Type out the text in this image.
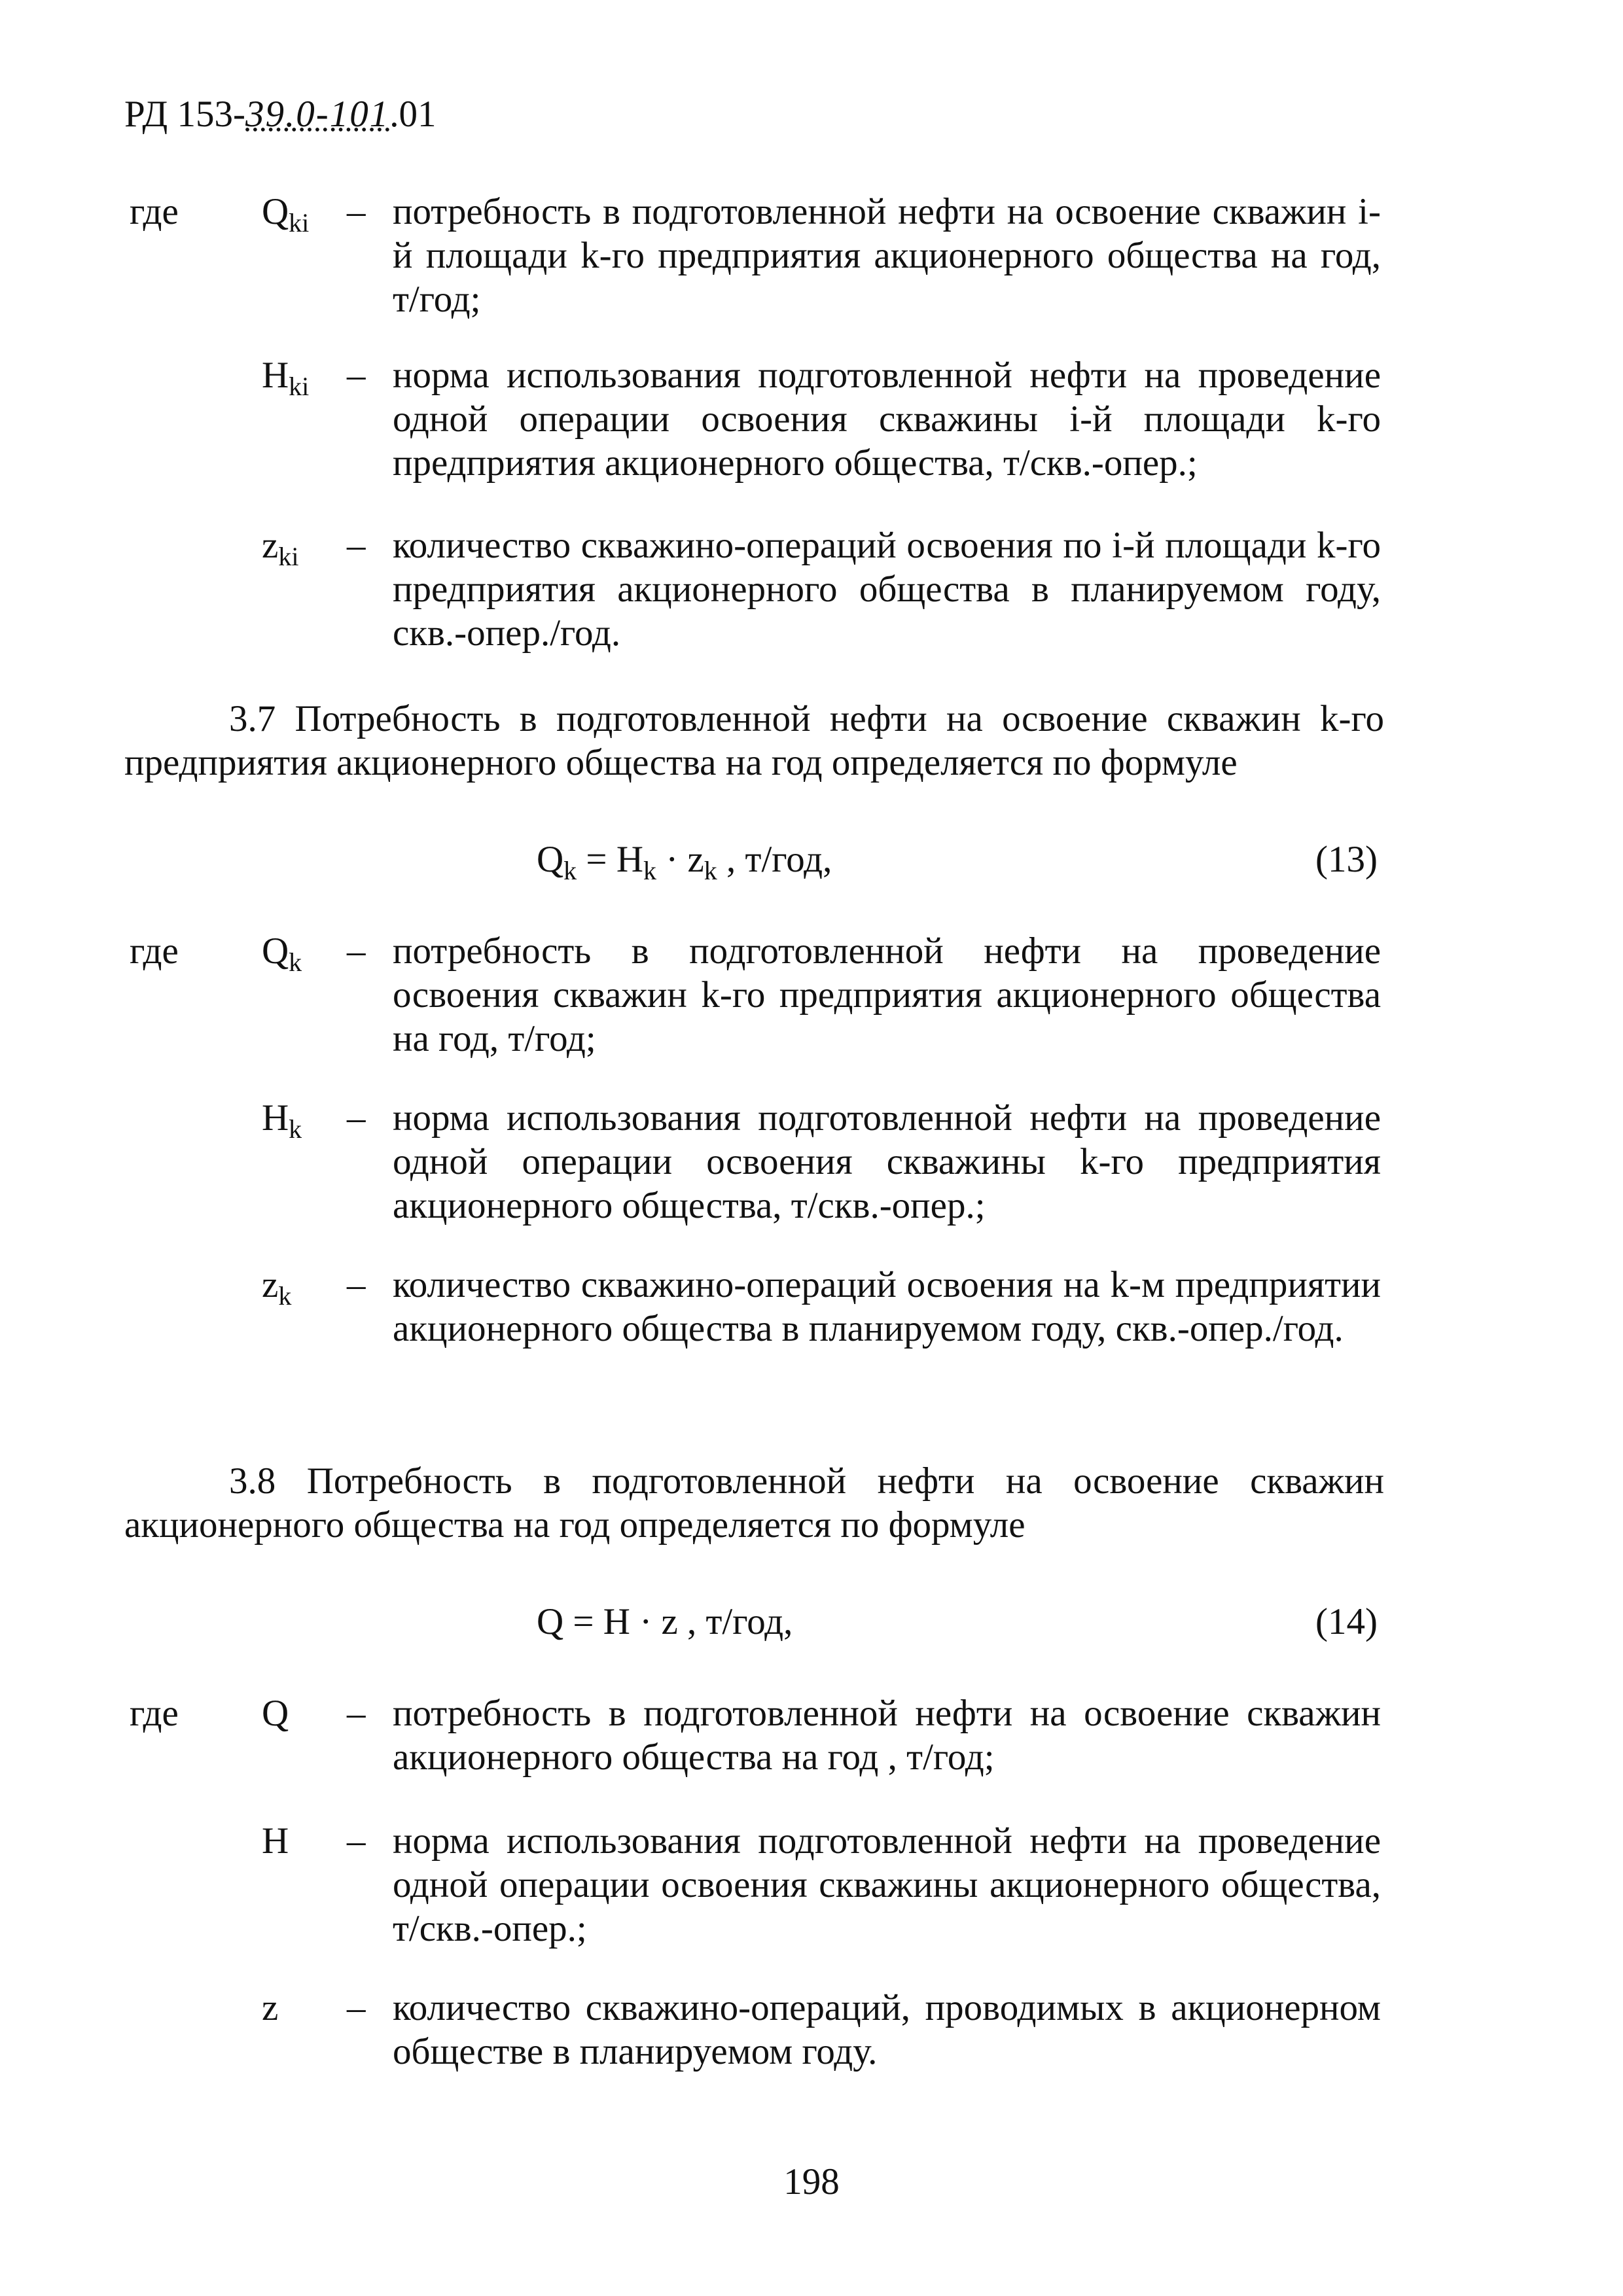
РД 153-39.0-101.01
где $Q_{ki}$ – потребность в подготовленной нефти на освоение скважин i-й площади k-го предприятия акционерного общества на год, т/год;
$H_{ki}$ – норма использования подготовленной нефти на проведение одной операции освоения скважины i-й площади k-го предприятия акционерного общества, т/скв.-опер.;
$z_{ki}$ – количество скважино-операций освоения по i-й площади k-го предприятия акционерного общества в планируемом году, скв.-опер./год.
3.7 Потребность в подготовленной нефти на освоение скважин k-го предприятия акционерного общества на год определяется по формуле
$Q_k = H_k \cdot z_k$ , т/год,	(13)
где $Q_k$ – потребность в подготовленной нефти на проведение освоения скважин k-го предприятия акционерного общества на год, т/год;
$H_k$ – норма использования подготовленной нефти на проведение одной операции освоения скважины k-го предприятия акционерного общества, т/скв.-опер.;
$z_k$ – количество скважино-операций освоения на k-м предприятии акционерного общества в планируемом году, скв.-опер./год.
3.8 Потребность в подготовленной нефти на освоение скважин акционерного общества на год определяется по формуле
Q = H · z , т/год,	(14)
где Q – потребность в подготовленной нефти на освоение скважин акционерного общества на год , т/год;
H – норма использования подготовленной нефти на проведение одной операции освоения скважины акционерного общества, т/скв.-опер.;
z – количество скважино-операций, проводимых в акционерном обществе в планируемом году.
198
